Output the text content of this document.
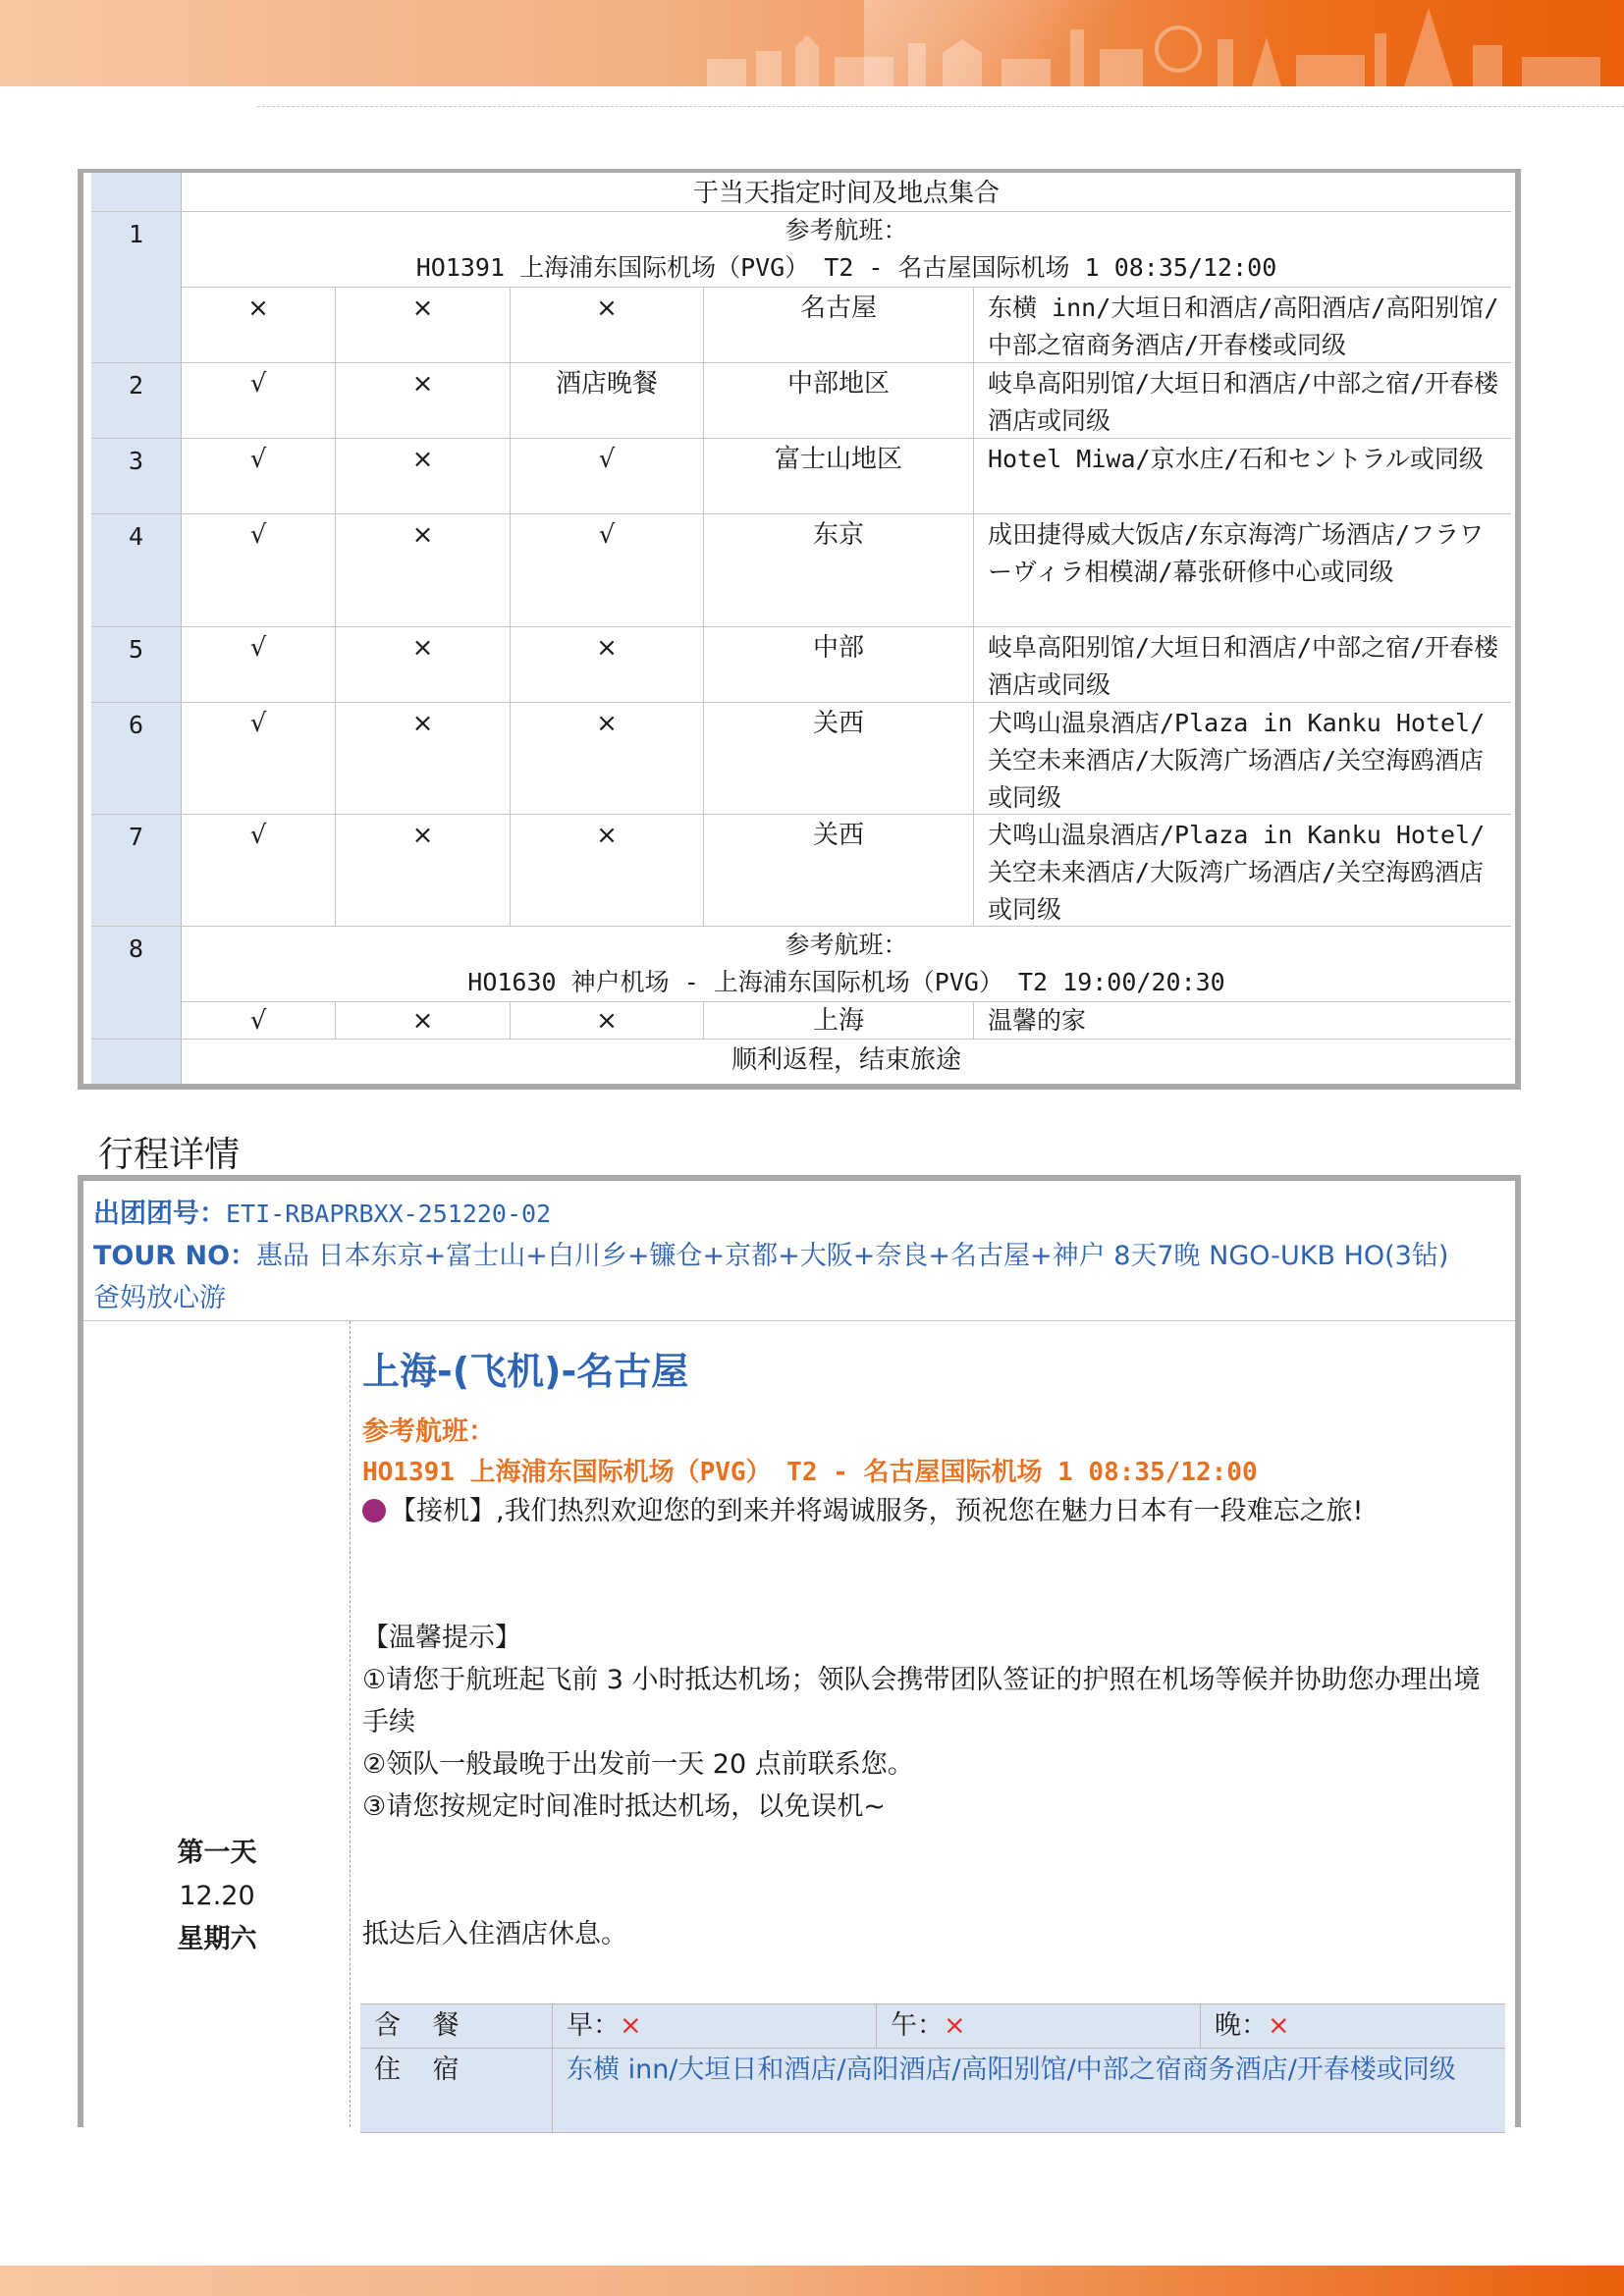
于当天指定时间及地点集合
1	参考航班：
HO1391 上海浦东国际机场（PVG） T2 - 名古屋国际机场 1 08:35/12:00
×	×	×	名古屋	东横 inn/大垣日和酒店/高阳酒店/高阳别馆/中部之宿商务酒店/开春楼或同级
2	√	×	酒店晚餐	中部地区	岐阜高阳别馆/大垣日和酒店/中部之宿/开春楼酒店或同级
3	√	×	√	富士山地区	Hotel Miwa/京水庄/石和セントラル或同级
4	√	×	√	东京	成田捷得威大饭店/东京海湾广场酒店/フラワーヴィラ相模湖/幕张研修中心或同级
5	√	×	×	中部	岐阜高阳别馆/大垣日和酒店/中部之宿/开春楼酒店或同级
6	√	×	×	关西	犬鸣山温泉酒店/Plaza in Kanku Hotel/关空未来酒店/大阪湾广场酒店/关空海鸥酒店或同级
7	√	×	×	关西	犬鸣山温泉酒店/Plaza in Kanku Hotel/关空未来酒店/大阪湾广场酒店/关空海鸥酒店或同级
8	参考航班：
HO1630 神户机场 - 上海浦东国际机场（PVG） T2 19:00/20:30
√	×	×	上海	温馨的家
顺利返程，结束旅途
行程详情
出团团号：ETI-RBAPRBXX-251220-02
TOUR NO：惠品 日本东京+富士山+白川乡+镰仓+京都+大阪+奈良+名古屋+神户 8天7晚 NGO-UKB HO(3钻)
爸妈放心游
第一天
12.20
星期六
上海-(飞机)-名古屋
参考航班：
HO1391 上海浦东国际机场（PVG） T2 - 名古屋国际机场 1 08:35/12:00
【接机】,我们热烈欢迎您的到来并将竭诚服务，预祝您在魅力日本有一段难忘之旅!
【温馨提示】
①请您于航班起飞前 3 小时抵达机场；领队会携带团队签证的护照在机场等候并协助您办理出境手续
②领队一般最晚于出发前一天 20 点前联系您。
③请您按规定时间准时抵达机场，以免误机~
抵达后入住酒店休息。
含 餐	早：×	午：×	晚：×
住 宿	东横 inn/大垣日和酒店/高阳酒店/高阳别馆/中部之宿商务酒店/开春楼或同级
